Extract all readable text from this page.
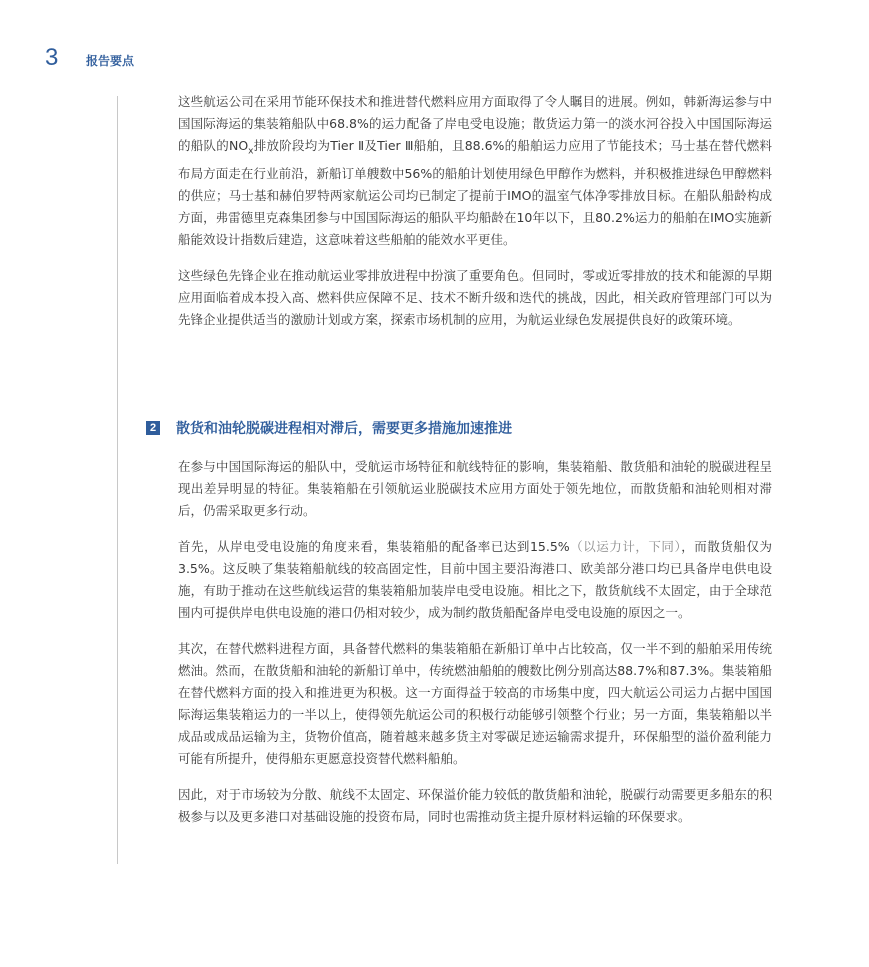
3 报告要点

这些航运公司在采用节能环保技术和推进替代燃料应用方面取得了令人瞩目的进展。例如，韩新海运参与中国国际海运的集装箱船队中68.8%的运力配备了岸电受电设施；散货运力第一的淡水河谷投入中国国际海运的船队的$NO_x$排放阶段均为Tier Ⅱ及Tier Ⅲ船舶，且88.6%的船舶运力应用了节能技术；马士基在替代燃料布局方面走在行业前沿，新船订单艘数中56%的船舶计划使用绿色甲醇作为燃料，并积极推进绿色甲醇燃料的供应；马士基和赫伯罗特两家航运公司均已制定了提前于IMO的温室气体净零排放目标。在船队船龄构成方面，弗雷德里克森集团参与中国国际海运的船队平均船龄在10年以下，且80.2%运力的船舶在IMO实施新船能效设计指数后建造，这意味着这些船舶的能效水平更佳。

这些绿色先锋企业在推动航运业零排放进程中扮演了重要角色。但同时，零或近零排放的技术和能源的早期应用面临着成本投入高、燃料供应保障不足、技术不断升级和迭代的挑战，因此，相关政府管理部门可以为先锋企业提供适当的激励计划或方案，探索市场机制的应用，为航运业绿色发展提供良好的政策环境。

2 散货和油轮脱碳进程相对滞后，需要更多措施加速推进

在参与中国国际海运的船队中，受航运市场特征和航线特征的影响，集装箱船、散货船和油轮的脱碳进程呈现出差异明显的特征。集装箱船在引领航运业脱碳技术应用方面处于领先地位，而散货船和油轮则相对滞后，仍需采取更多行动。

首先，从岸电受电设施的角度来看，集装箱船的配备率已达到15.5%（以运力计，下同），而散货船仅为3.5%。这反映了集装箱船航线的较高固定性，目前中国主要沿海港口、欧美部分港口均已具备岸电供电设施，有助于推动在这些航线运营的集装箱船加装岸电受电设施。相比之下，散货航线不太固定，由于全球范围内可提供岸电供电设施的港口仍相对较少，成为制约散货船配备岸电受电设施的原因之一。

其次，在替代燃料进程方面，具备替代燃料的集装箱船在新船订单中占比较高，仅一半不到的船舶采用传统燃油。然而，在散货船和油轮的新船订单中，传统燃油船舶的艘数比例分别高达88.7%和87.3%。集装箱船在替代燃料方面的投入和推进更为积极。这一方面得益于较高的市场集中度，四大航运公司运力占据中国国际海运集装箱运力的一半以上，使得领先航运公司的积极行动能够引领整个行业；另一方面，集装箱船以半成品或成品运输为主，货物价值高，随着越来越多货主对零碳足迹运输需求提升，环保船型的溢价盈利能力可能有所提升，使得船东更愿意投资替代燃料船舶。

因此，对于市场较为分散、航线不太固定、环保溢价能力较低的散货船和油轮，脱碳行动需要更多船东的积极参与以及更多港口对基础设施的投资布局，同时也需推动货主提升原材料运输的环保要求。
